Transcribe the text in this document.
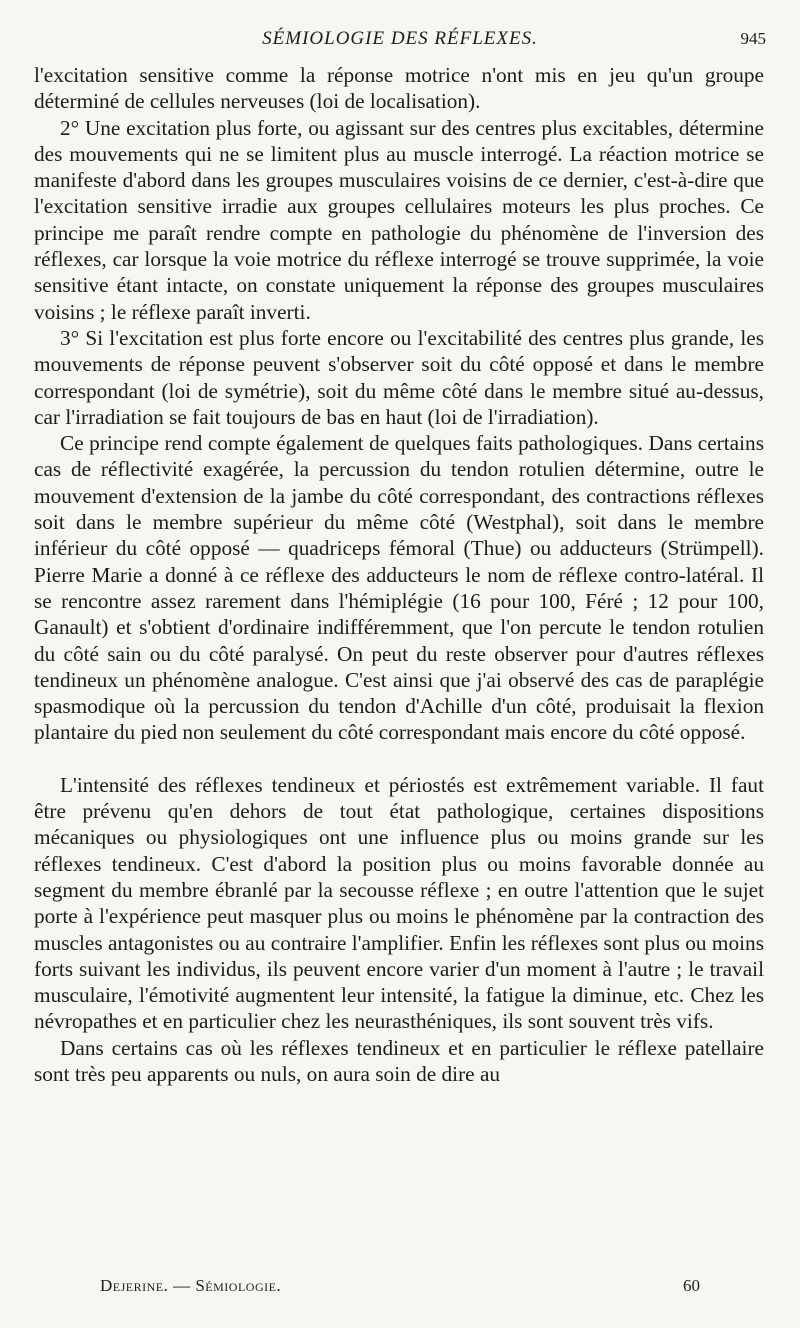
SÉMIOLOGIE DES RÉFLEXES.	945

l'excitation sensitive comme la réponse motrice n'ont mis en jeu qu'un groupe déterminé de cellules nerveuses (loi de localisation).

2° Une excitation plus forte, ou agissant sur des centres plus excitables, détermine des mouvements qui ne se limitent plus au muscle interrogé. La réaction motrice se manifeste d'abord dans les groupes musculaires voisins de ce dernier, c'est-à-dire que l'excitation sensitive irradie aux groupes cellulaires moteurs les plus proches. Ce principe me paraît rendre compte en pathologie du phénomène de l'inversion des réflexes, car lorsque la voie motrice du réflexe interrogé se trouve supprimée, la voie sensitive étant intacte, on constate uniquement la réponse des groupes musculaires voisins ; le réflexe paraît inverti.

3° Si l'excitation est plus forte encore ou l'excitabilité des centres plus grande, les mouvements de réponse peuvent s'observer soit du côté opposé et dans le membre correspondant (loi de symétrie), soit du même côté dans le membre situé au-dessus, car l'irradiation se fait toujours de bas en haut (loi de l'irradiation).

Ce principe rend compte également de quelques faits pathologiques. Dans certains cas de réflectivité exagérée, la percussion du tendon rotulien détermine, outre le mouvement d'extension de la jambe du côté correspondant, des contractions réflexes soit dans le membre supérieur du même côté (Westphal), soit dans le membre inférieur du côté opposé — quadriceps fémoral (Thue) ou adducteurs (Strümpell). Pierre Marie a donné à ce réflexe des adducteurs le nom de réflexe contro-latéral. Il se rencontre assez rarement dans l'hémiplégie (16 pour 100, Féré ; 12 pour 100, Ganault) et s'obtient d'ordinaire indifféremment, que l'on percute le tendon rotulien du côté sain ou du côté paralysé. On peut du reste observer pour d'autres réflexes tendineux un phénomène analogue. C'est ainsi que j'ai observé des cas de paraplégie spasmodique où la percussion du tendon d'Achille d'un côté, produisait la flexion plantaire du pied non seulement du côté correspondant mais encore du côté opposé.

L'intensité des réflexes tendineux et périostés est extrêmement variable. Il faut être prévenu qu'en dehors de tout état pathologique, certaines dispositions mécaniques ou physiologiques ont une influence plus ou moins grande sur les réflexes tendineux. C'est d'abord la position plus ou moins favorable donnée au segment du membre ébranlé par la secousse réflexe ; en outre l'attention que le sujet porte à l'expérience peut masquer plus ou moins le phénomène par la contraction des muscles antagonistes ou au contraire l'amplifier. Enfin les réflexes sont plus ou moins forts suivant les individus, ils peuvent encore varier d'un moment à l'autre ; le travail musculaire, l'émotivité augmentent leur intensité, la fatigue la diminue, etc. Chez les névropathes et en particulier chez les neurasthéniques, ils sont souvent très vifs.

Dans certains cas où les réflexes tendineux et en particulier le réflexe patellaire sont très peu apparents ou nuls, on aura soin de dire au

Dejerine. — Sémiologie.	60
